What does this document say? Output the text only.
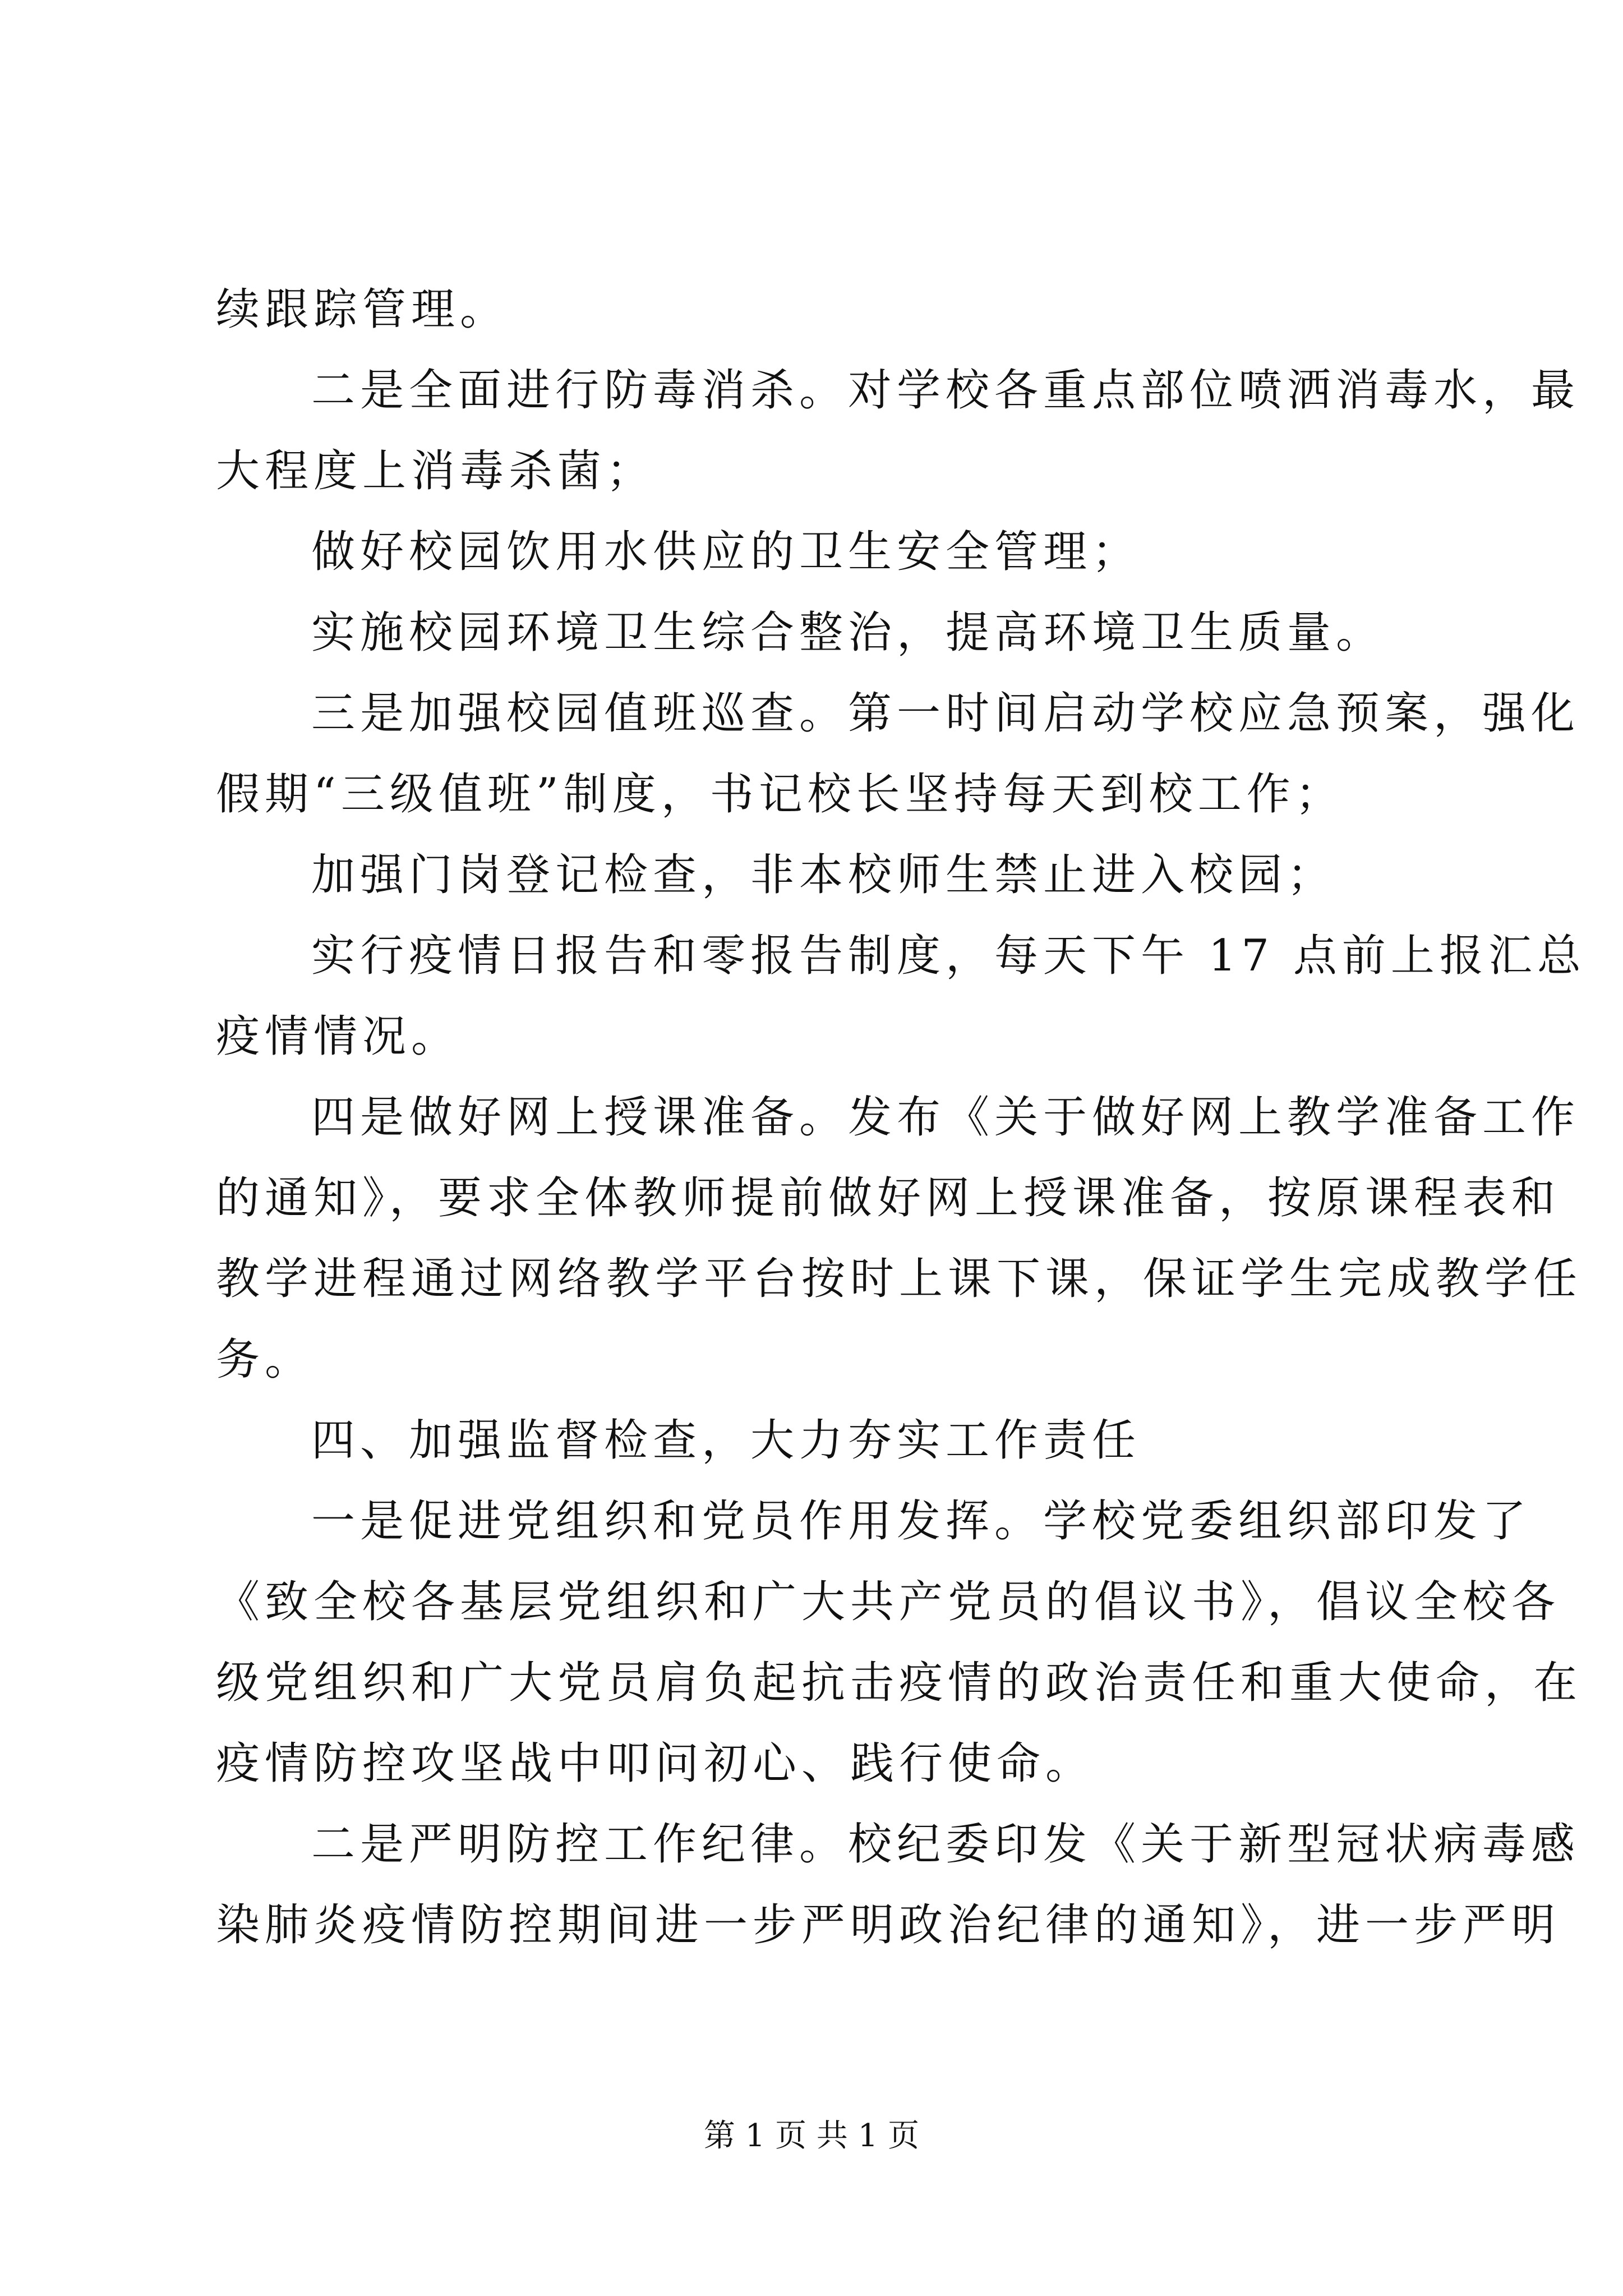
续跟踪管理。
二是全面进行防毒消杀。对学校各重点部位喷洒消毒水，最
大程度上消毒杀菌；
做好校园饮用水供应的卫生安全管理；
实施校园环境卫生综合整治，提高环境卫生质量。
三是加强校园值班巡查。第一时间启动学校应急预案，强化
假期“三级值班”制度，书记校长坚持每天到校工作；
加强门岗登记检查，非本校师生禁止进入校园；
实行疫情日报告和零报告制度，每天下午 17 点前上报汇总
疫情情况。
四是做好网上授课准备。发布《关于做好网上教学准备工作
的通知》，要求全体教师提前做好网上授课准备，按原课程表和
教学进程通过网络教学平台按时上课下课，保证学生完成教学任
务。
四、加强监督检查，大力夯实工作责任
一是促进党组织和党员作用发挥。学校党委组织部印发了
《致全校各基层党组织和广大共产党员的倡议书》，倡议全校各
级党组织和广大党员肩负起抗击疫情的政治责任和重大使命，在
疫情防控攻坚战中叩问初心、践行使命。
二是严明防控工作纪律。校纪委印发《关于新型冠状病毒感
染肺炎疫情防控期间进一步严明政治纪律的通知》，进一步严明
第 1 页 共 1 页
